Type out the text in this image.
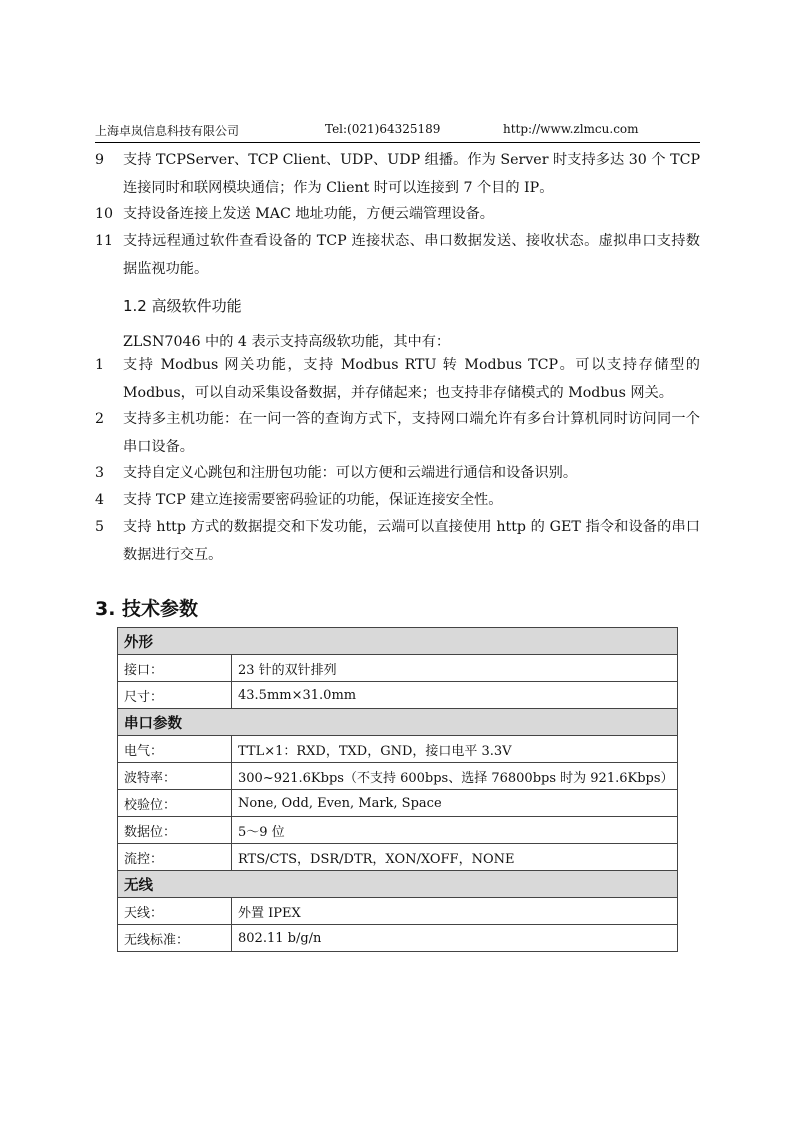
上海卓岚信息科技有限公司	Tel:(021)64325189	http://www.zlmcu.com
9 支持 TCPServer、TCP Client、UDP、UDP 组播。作为 Server 时支持多达 30 个 TCP 连接同时和联网模块通信；作为 Client 时可以连接到 7 个目的 IP。
10 支持设备连接上发送 MAC 地址功能，方便云端管理设备。
11 支持远程通过软件查看设备的 TCP 连接状态、串口数据发送、接收状态。虚拟串口支持数据监视功能。
1.2 高级软件功能
ZLSN7046 中的 4 表示支持高级软功能，其中有：
1 支持 Modbus 网关功能，支持 Modbus RTU 转 Modbus TCP。可以支持存储型的 Modbus，可以自动采集设备数据，并存储起来；也支持非存储模式的 Modbus 网关。
2 支持多主机功能：在一问一答的查询方式下，支持网口端允许有多台计算机同时访问同一个串口设备。
3 支持自定义心跳包和注册包功能：可以方便和云端进行通信和设备识别。
4 支持 TCP 建立连接需要密码验证的功能，保证连接安全性。
5 支持 http 方式的数据提交和下发功能，云端可以直接使用 http 的 GET 指令和设备的串口数据进行交互。
3. 技术参数
外形	
接口：	23 针的双针排列
尺寸：	43.5mm×31.0mm
串口参数	
电气：	TTL×1：RXD，TXD，GND，接口电平 3.3V
波特率：	300~921.6Kbps（不支持 600bps、选择 76800bps 时为 921.6Kbps）
校验位：	None, Odd, Even, Mark, Space
数据位：	5～9 位
流控：	RTS/CTS，DSR/DTR，XON/XOFF，NONE
无线	
天线：	外置 IPEX
无线标准：	802.11 b/g/n
